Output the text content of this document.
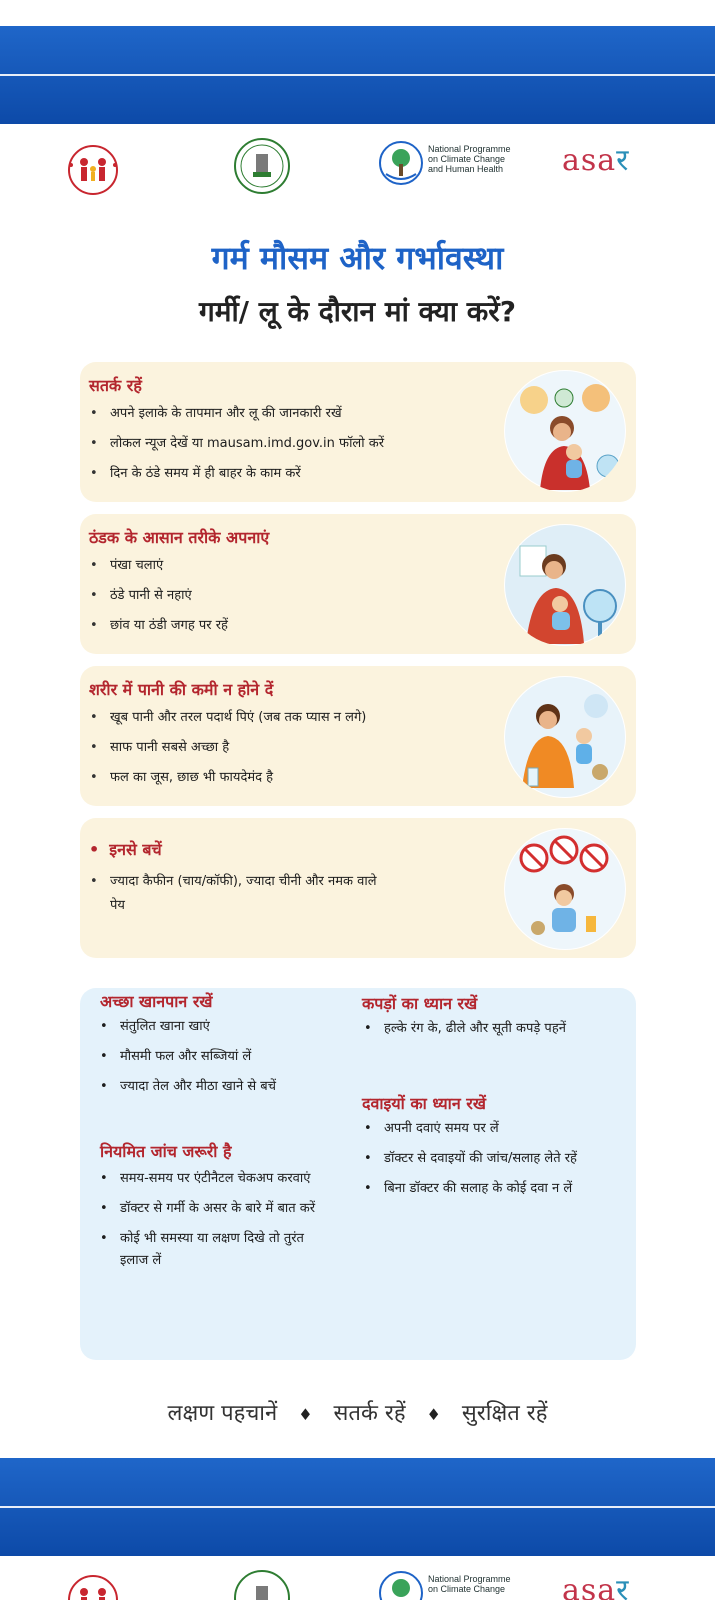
National Programme
on Climate Change
and Human Health asaर
गर्म मौसम और गर्भावस्था
गर्मी/ लू के दौरान मां क्या करें?
सतर्क रहें
• अपने इलाके के तापमान और लू की जानकारी रखें
• लोकल न्यूज देखें या mausam.imd.gov.in फॉलो करें
• दिन के ठंडे समय में ही बाहर के काम करें
ठंडक के आसान तरीके अपनाएं
• पंखा चलाएं
• ठंडे पानी से नहाएं
• छांव या ठंडी जगह पर रहें
शरीर में पानी की कमी न होने दें
• खूब पानी और तरल पदार्थ पिएं (जब तक प्यास न लगे)
• साफ पानी सबसे अच्छा है
• फल का जूस, छाछ भी फायदेमंद है
• इनसे बचें
• ज्यादा कैफीन (चाय/कॉफी), ज्यादा चीनी और नमक वाले पेय
अच्छा खानपान रखें
• संतुलित खाना खाएं
• मौसमी फल और सब्जियां लें
• ज्यादा तेल और मीठा खाने से बचें
नियमित जांच जरूरी है
• समय-समय पर एंटीनैटल चेकअप करवाएं
• डॉक्टर से गर्मी के असर के बारे में बात करें
• कोई भी समस्या या लक्षण दिखे तो तुरंत इलाज लें
कपड़ों का ध्यान रखें
• हल्के रंग के, ढीले और सूती कपड़े पहनें
दवाइयों का ध्यान रखें
• अपनी दवाएं समय पर लें
• डॉक्टर से दवाइयों की जांच/सलाह लेते रहें
• बिना डॉक्टर की सलाह के कोई दवा न लें
लक्षण पहचानें ♦ सतर्क रहें ♦ सुरक्षित रहें
National Programme
on Climate Change asaर
